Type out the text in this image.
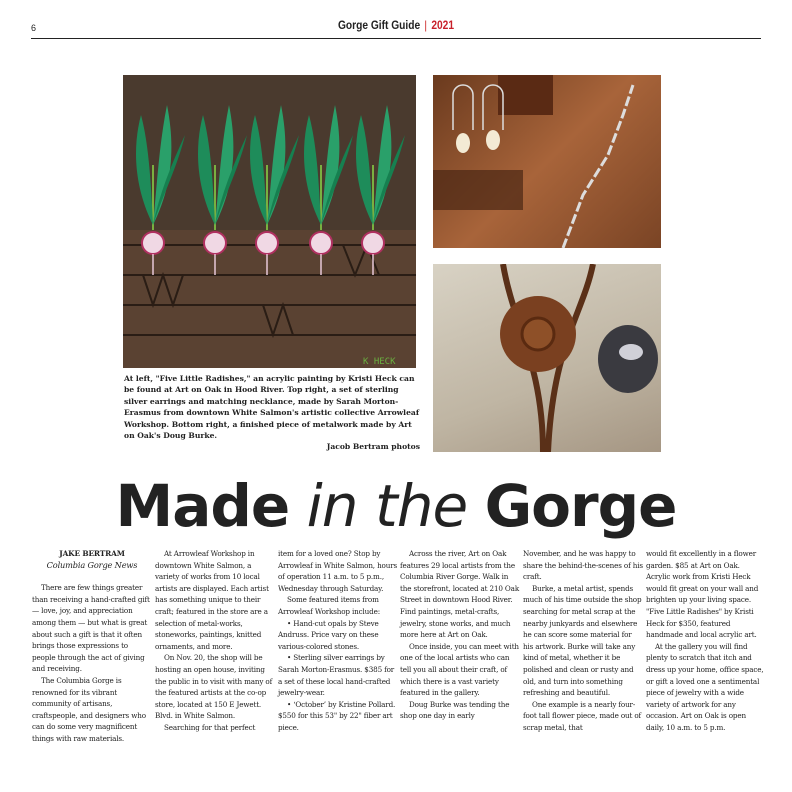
6	Gorge Gift Guide | 2021
K HECK
At left, "Five Little Radishes," an acrylic painting by Kristi Heck can be found at Art on Oak in Hood River. Top right, a set of sterling silver earrings and matching necklance, made by Sarah Morton-Erasmus from downtown White Salmon's artistic collective Arrowleaf Workshop. Bottom right, a finished piece of metalwork made by Art on Oak's Doug Burke.
Jacob Bertram photos
Made in the Gorge
JAKE BERTRAM
Columbia Gorge News

There are few things greater than receiving a hand-crafted gift — love, joy, and appreciation among them — but what is great about such a gift is that it often brings those expressions to people through the act of giving and receiving.

The Columbia Gorge is renowned for its vibrant community of artisans, craftspeople, and designers who can do some very magnificent things with raw materials.

At Arrowleaf Workshop in downtown White Salmon, a variety of works from 10 local artists are displayed. Each artist has something unique to their craft; featured in the store are a selection of metal-works, stoneworks, paintings, knitted ornaments, and more.

On Nov. 20, the shop will be hosting an open house, inviting the public in to visit with many of the featured artists at the co-op store, located at 150 E Jewett. Blvd. in White Salmon.

Searching for that perfect

item for a loved one? Stop by Arrowleaf in White Salmon, hours of operation 11 a.m. to 5 p.m., Wednesday through Saturday.

Some featured items from Arrowleaf Workshop include:

• Hand-cut opals by Steve Andruss. Price vary on these various-colored stones.

• Sterling silver earrings by Sarah Morton-Erasmus. $385 for a set of these local hand-crafted jewelry-wear.

• ‘October’ by Kristine Pollard. $550 for this 53" by 22" fiber art piece.

Across the river, Art on Oak features 29 local artists from the Columbia River Gorge. Walk in the storefront, located at 210 Oak Street in downtown Hood River. Find paintings, metal-crafts, jewelry, stone works, and much more here at Art on Oak.

Once inside, you can meet with one of the local artists who can tell you all about their craft, of which there is a vast variety featured in the gallery.

Doug Burke was tending the shop one day in early

November, and he was happy to share the behind-the-scenes of his craft.

Burke, a metal artist, spends much of his time outside the shop searching for metal scrap at the nearby junkyards and elsewhere he can score some material for his artwork. Burke will take any kind of metal, whether it be polished and clean or rusty and old, and turn into something refreshing and beautiful.

One example is a nearly four-foot tall flower piece, made out of scrap metal, that

would fit excellently in a flower garden. $85 at Art on Oak. Acrylic work from Kristi Heck would fit great on your wall and brighten up your living space. "Five Little Radishes" by Kristi Heck for $350, featured handmade and local acrylic art.

At the gallery you will find plenty to scratch that itch and dress up your home, office space, or gift a loved one a sentimental piece of jewelry with a wide variety of artwork for any occasion. Art on Oak is open daily, 10 a.m. to 5 p.m.
